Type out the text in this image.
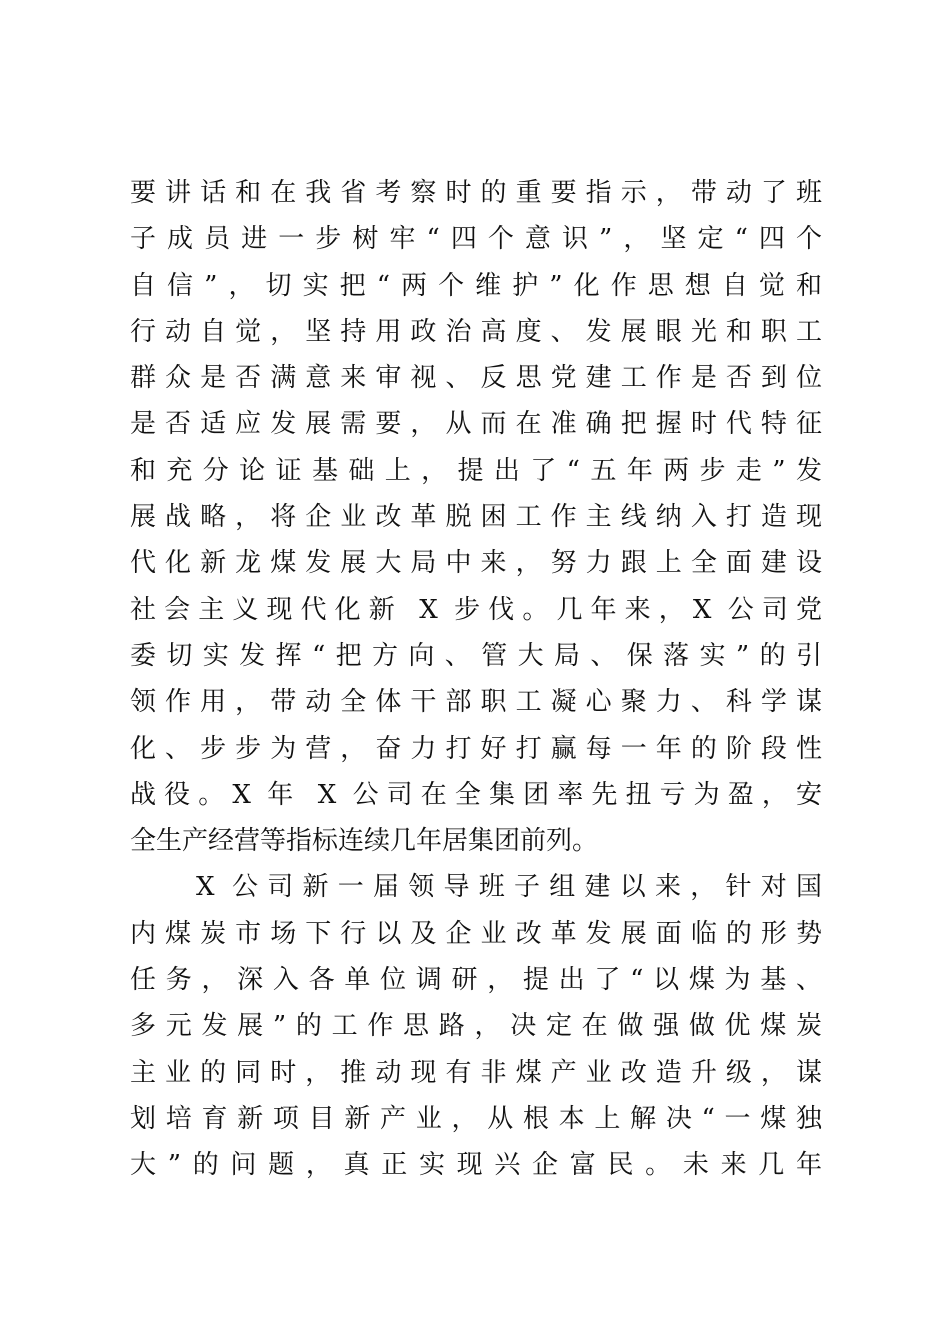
要讲话和在我省考察时的重要指示，带动了班
子成员进一步树牢“四个意识”，坚定“四个
自信”，切实把“两个维护”化作思想自觉和
行动自觉，坚持用政治高度、发展眼光和职工
群众是否满意来审视、反思党建工作是否到位
是否适应发展需要，从而在准确把握时代特征
和充分论证基础上，提出了“五年两步走”发
展战略，将企业改革脱困工作主线纳入打造现
代化新龙煤发展大局中来，努力跟上全面建设
社会主义现代化新 X 步伐。几年来，X 公司党
委切实发挥“把方向、管大局、保落实”的引
领作用，带动全体干部职工凝心聚力、科学谋
化、步步为营，奋力打好打赢每一年的阶段性
战役。X 年 X 公司在全集团率先扭亏为盈，安
全生产经营等指标连续几年居集团前列。
X 公司新一届领导班子组建以来，针对国
内煤炭市场下行以及企业改革发展面临的形势
任务，深入各单位调研，提出了“以煤为基、
多元发展”的工作思路，决定在做强做优煤炭
主业的同时，推动现有非煤产业改造升级，谋
划培育新项目新产业，从根本上解决“一煤独
大”的问题，真正实现兴企富民。未来几年
